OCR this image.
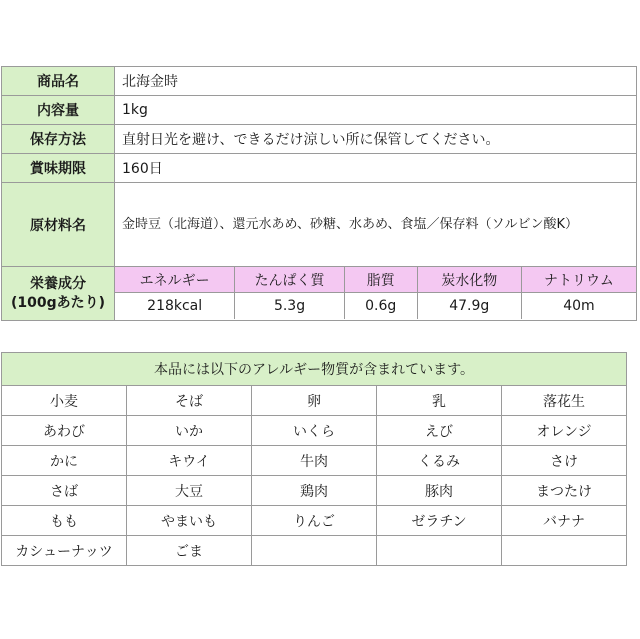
商品名	北海金時
内容量	1kg
保存方法	直射日光を避け、できるだけ涼しい所に保管してください。
賞味期限	160日
原材料名	金時豆（北海道）、還元水あめ、砂糖、水あめ、食塩／保存料（ソルビン酸K）
栄養成分
(100gあたり)	
エネルギー	たんぱく質	脂質	炭水化物	ナトリウム
218kcal	5.3g	0.6g	47.9g	40m
本品には以下のアレルギー物質が含まれています。				
小麦	そば	卵	乳	落花生
あわび	いか	いくら	えび	オレンジ
かに	キウイ	牛肉	くるみ	さけ
さば	大豆	鶏肉	豚肉	まつたけ
もも	やまいも	りんご	ゼラチン	バナナ
カシューナッツ	ごま			
